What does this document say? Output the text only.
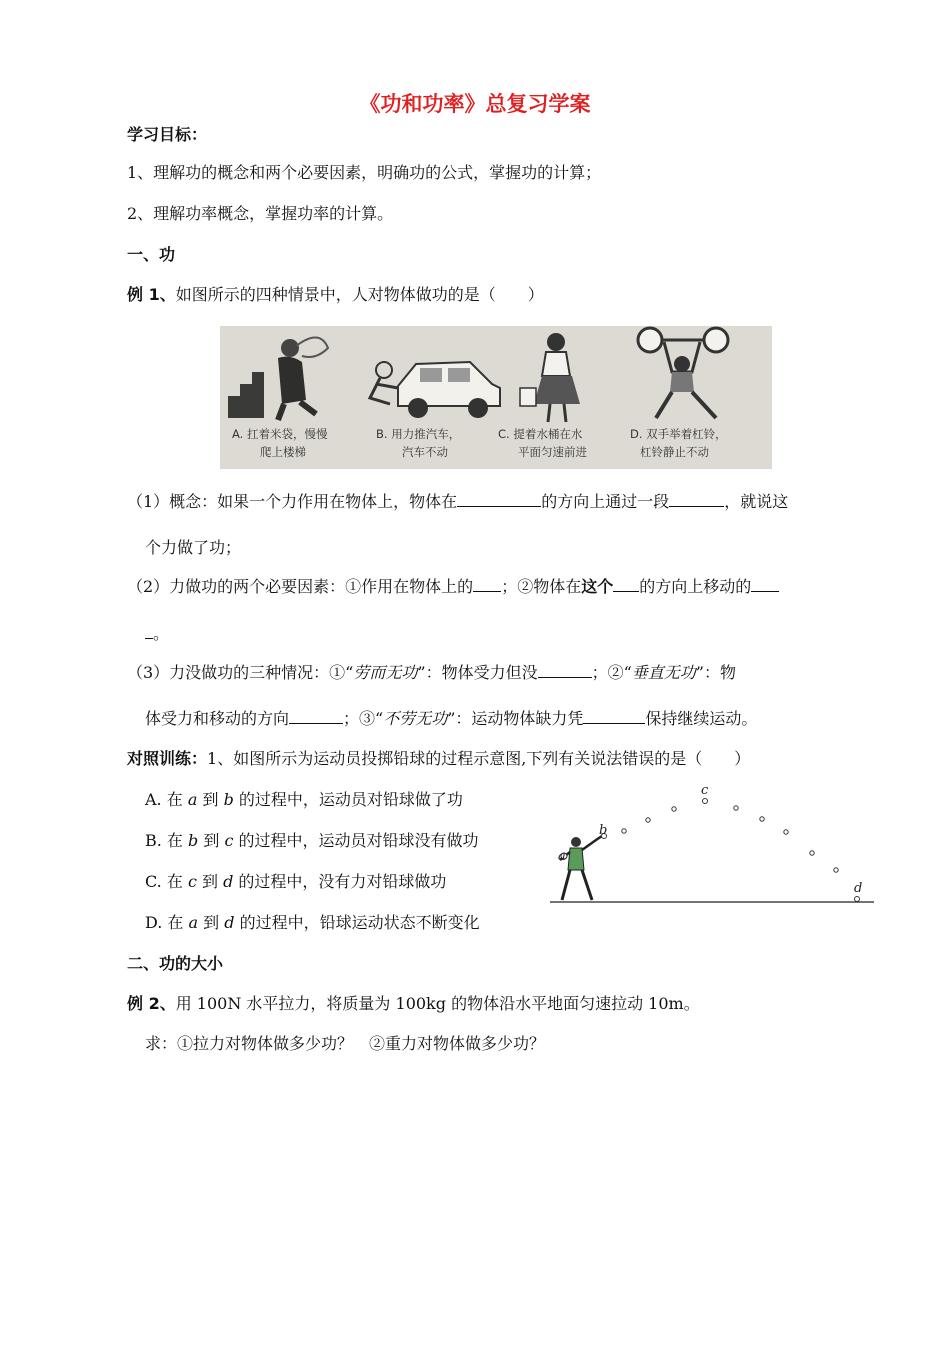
《功和功率》总复习学案
学习目标：
1、理解功的概念和两个必要因素，明确功的公式，掌握功的计算；
2、理解功率概念，掌握功率的计算。
一、功
例 1、如图所示的四种情景中，人对物体做功的是（　　）
A. 扛着米袋，慢慢
爬上楼梯
B. 用力推汽车，
汽车不动
C. 提着水桶在水
平面匀速前进
D. 双手举着杠铃，
杠铃静止不动
（1）概念：如果一个力作用在物体上，物体在	的方向上通过一段	，就说这
个力做了功；
（2）力做功的两个必要因素：①作用在物体上的 ；②物体在这个 的方向上移动的
。
（3）力没做功的三种情况：①“劳而无功”：物体受力但没	；②“垂直无功”：物
体受力和移动的方向	；③“不劳无功”：运动物体缺力凭	保持继续运动。
对照训练：1、如图所示为运动员投掷铅球的过程示意图,下列有关说法错误的是（　　）
A. 在 a 到 b 的过程中，运动员对铅球做了功
B. 在 b 到 c 的过程中，运动员对铅球没有做功
C. 在 c 到 d 的过程中，没有力对铅球做功
D. 在 a 到 d 的过程中，铅球运动状态不断变化
a
b
c
d
二、功的大小
例 2、用 100N 水平拉力，将质量为 100kg 的物体沿水平地面匀速拉动 10m。
求：①拉力对物体做多少功？　②重力对物体做多少功？
